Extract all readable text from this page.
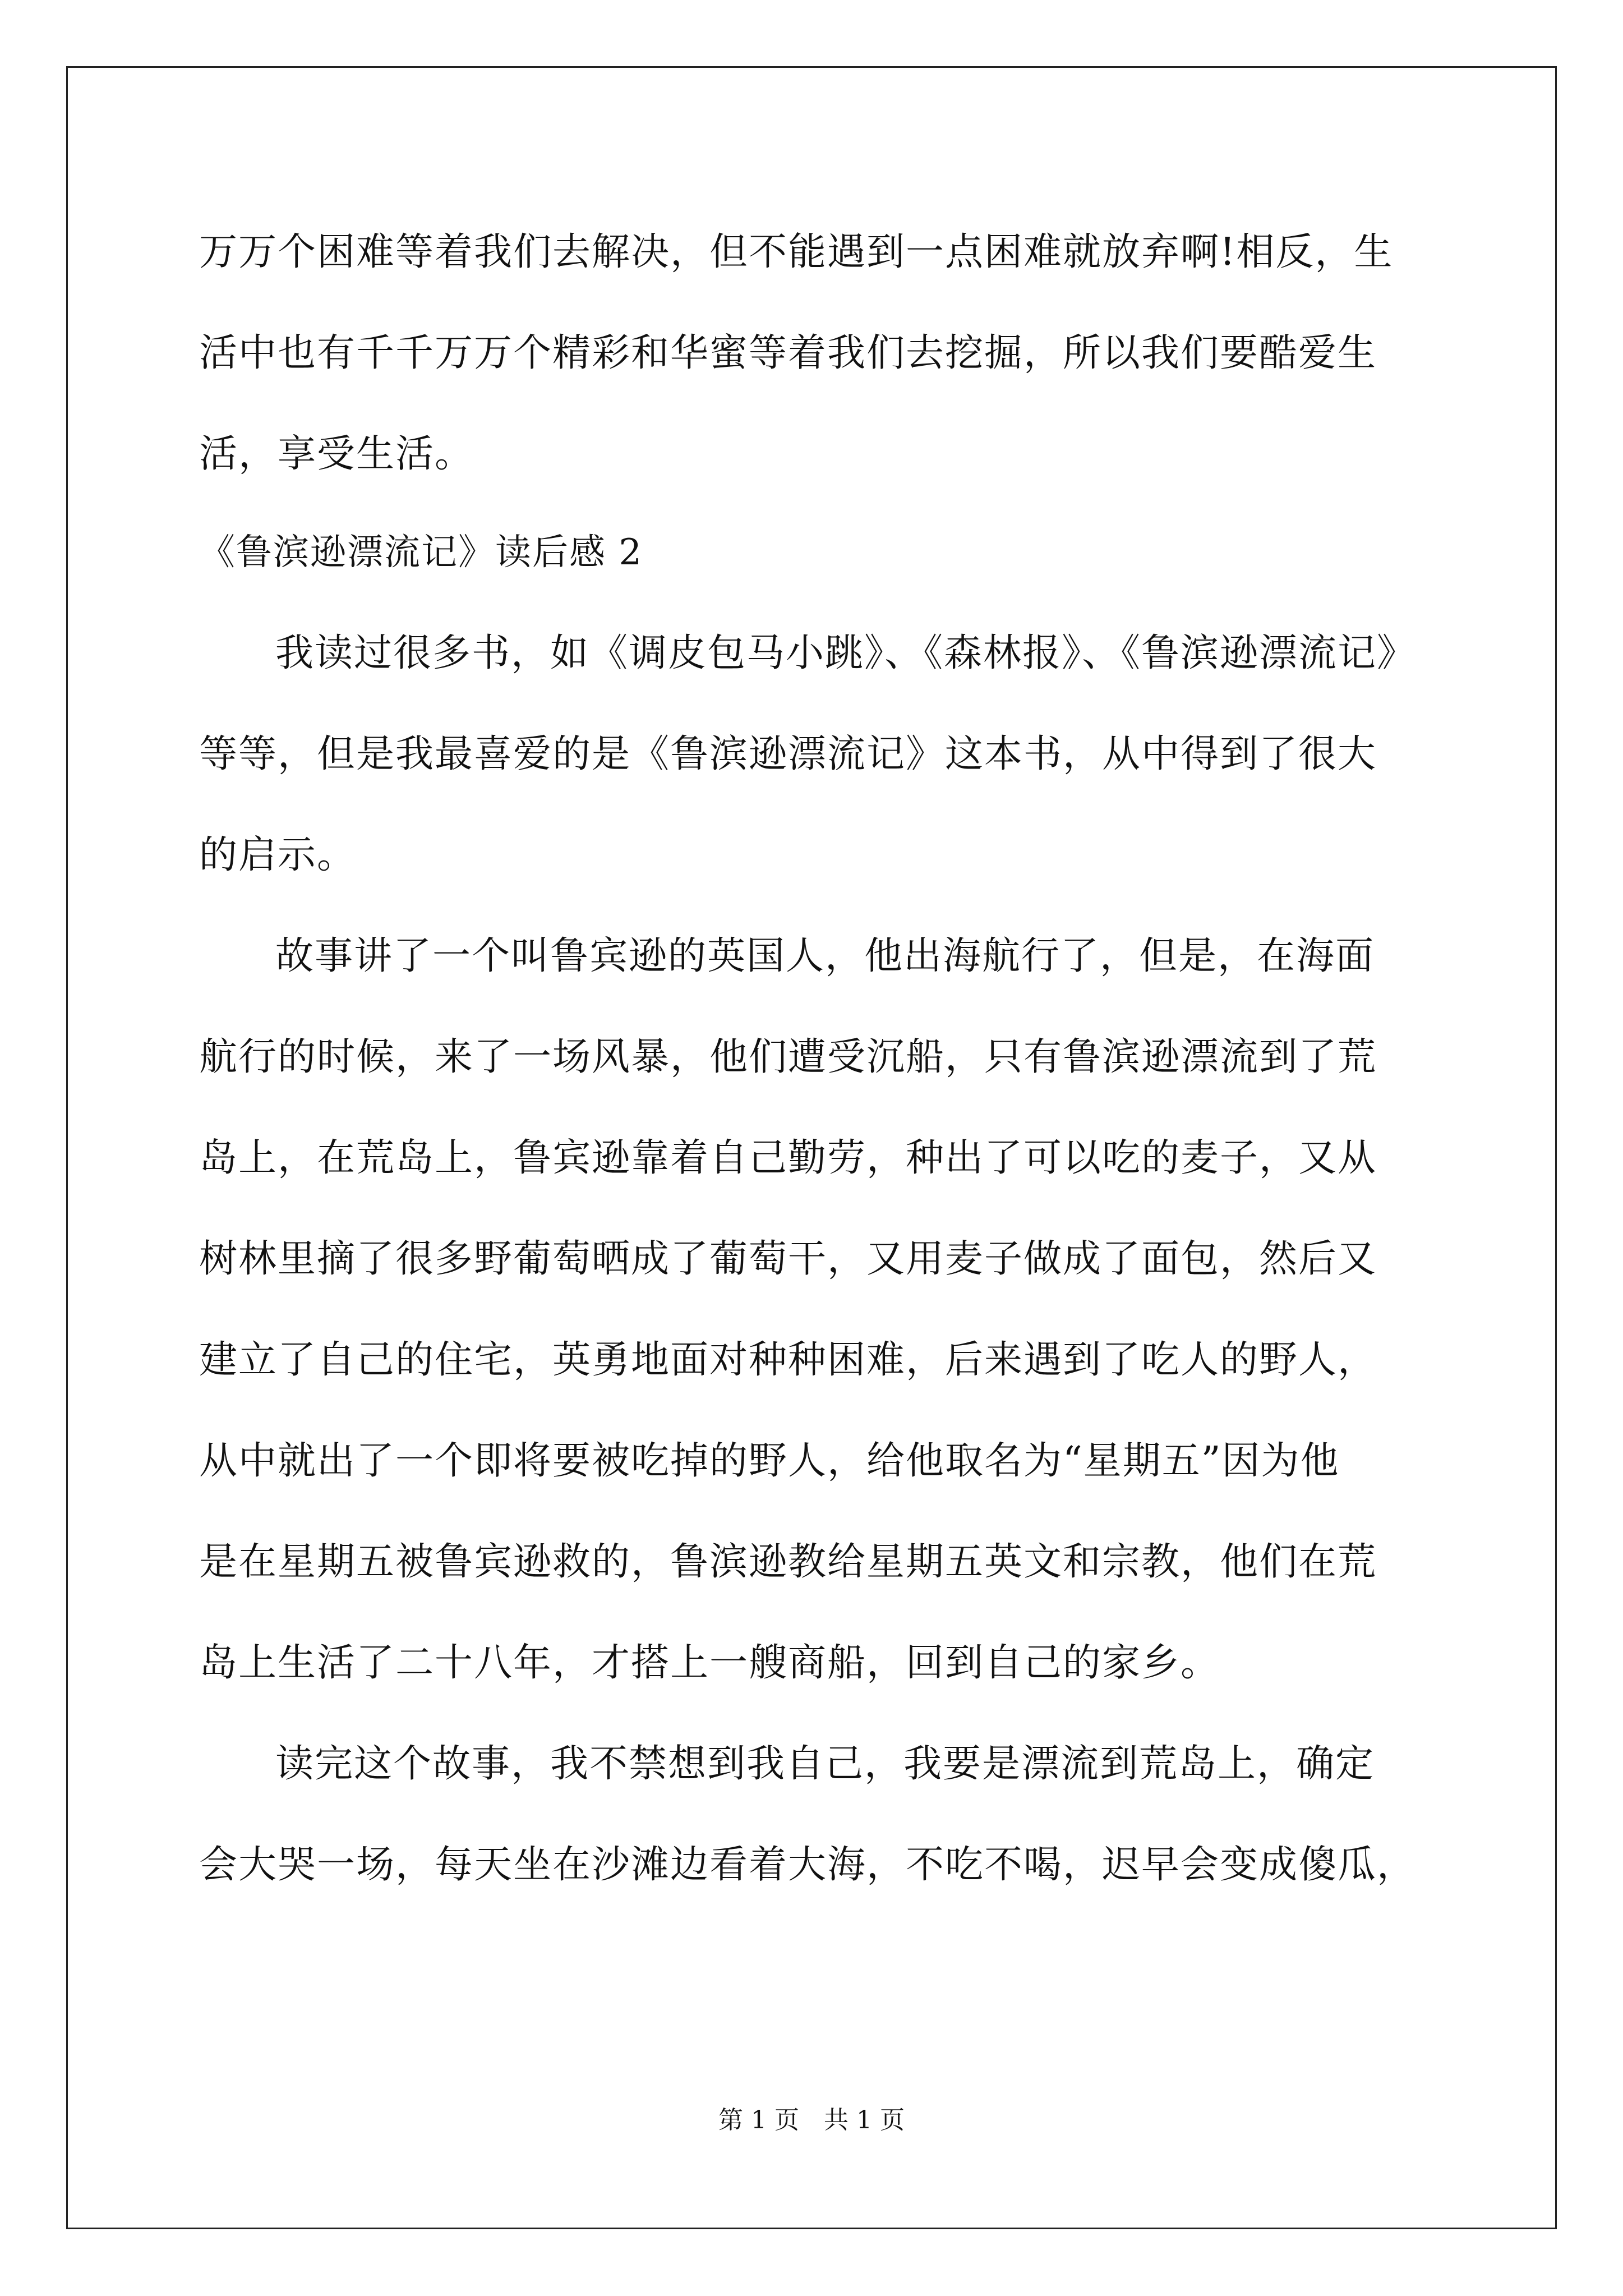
万万个困难等着我们去解决，但不能遇到一点困难就放弃啊!相反，生
活中也有千千万万个精彩和华蜜等着我们去挖掘，所以我们要酷爱生
活，享受生活。
《鲁滨逊漂流记》读后感 2
我读过很多书，如《调皮包马小跳》、《森林报》、《鲁滨逊漂流记》
等等，但是我最喜爱的是《鲁滨逊漂流记》这本书，从中得到了很大
的启示。
故事讲了一个叫鲁宾逊的英国人，他出海航行了，但是，在海面
航行的时候，来了一场风暴，他们遭受沉船，只有鲁滨逊漂流到了荒
岛上，在荒岛上，鲁宾逊靠着自己勤劳，种出了可以吃的麦子，又从
树林里摘了很多野葡萄晒成了葡萄干，又用麦子做成了面包，然后又
建立了自己的住宅，英勇地面对种种困难，后来遇到了吃人的野人，
从中就出了一个即将要被吃掉的野人，给他取名为“星期五”因为他
是在星期五被鲁宾逊救的，鲁滨逊教给星期五英文和宗教，他们在荒
岛上生活了二十八年，才搭上一艘商船，回到自己的家乡。
读完这个故事，我不禁想到我自己，我要是漂流到荒岛上，确定
会大哭一场，每天坐在沙滩边看着大海，不吃不喝，迟早会变成傻瓜，
第 1 页　共 1 页
